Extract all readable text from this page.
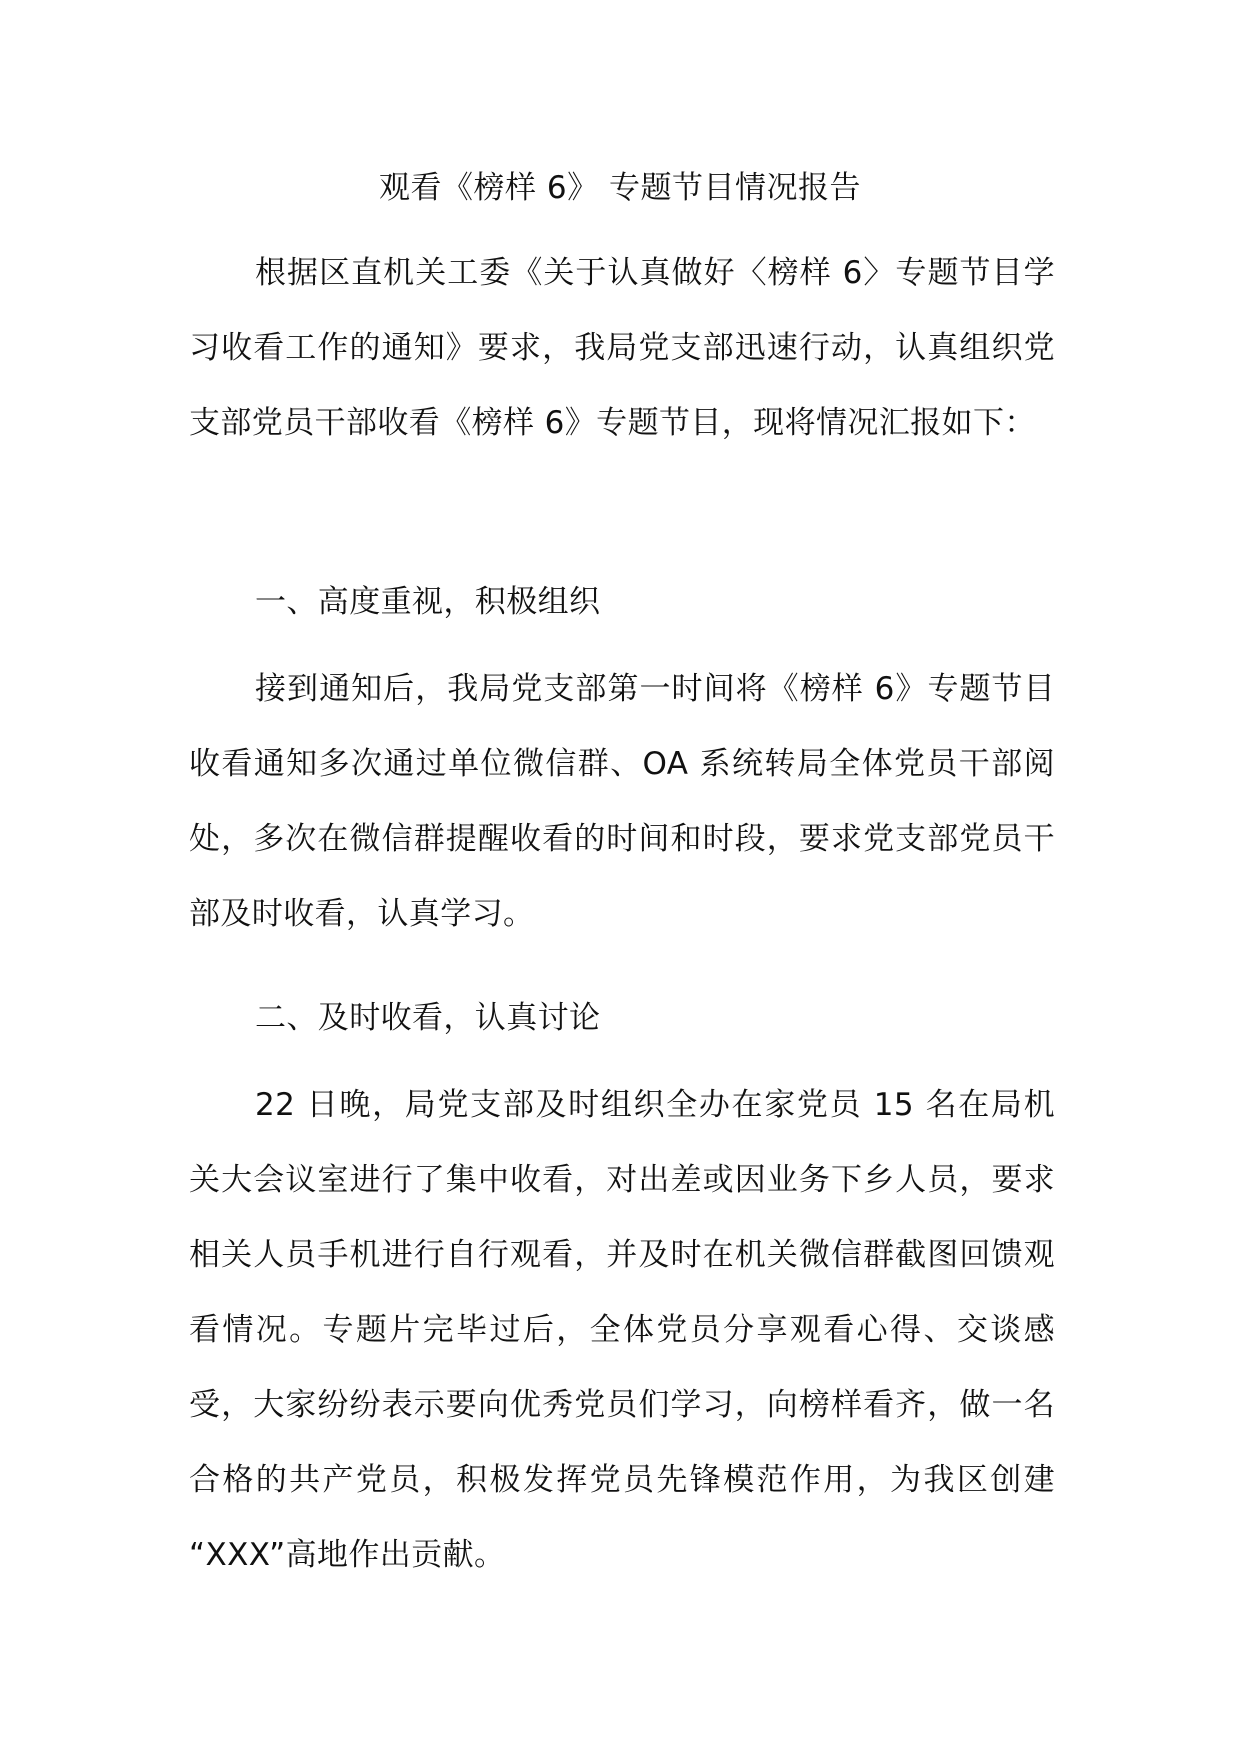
观看《榜样 6》 专题节目情况报告

根据区直机关工委《关于认真做好〈榜样 6〉专题节目学习收看工作的通知》要求，我局党支部迅速行动，认真组织党支部党员干部收看《榜样 6》专题节目，现将情况汇报如下：

一、高度重视，积极组织

接到通知后，我局党支部第一时间将《榜样 6》专题节目收看通知多次通过单位微信群、OA 系统转局全体党员干部阅处，多次在微信群提醒收看的时间和时段，要求党支部党员干部及时收看，认真学习。

二、及时收看，认真讨论

22 日晚，局党支部及时组织全办在家党员 15 名在局机关大会议室进行了集中收看，对出差或因业务下乡人员，要求相关人员手机进行自行观看，并及时在机关微信群截图回馈观看情况。专题片完毕过后，全体党员分享观看心得、交谈感受，大家纷纷表示要向优秀党员们学习，向榜样看齐，做一名合格的共产党员，积极发挥党员先锋模范作用，为我区创建 “XXX”高地作出贡献。
